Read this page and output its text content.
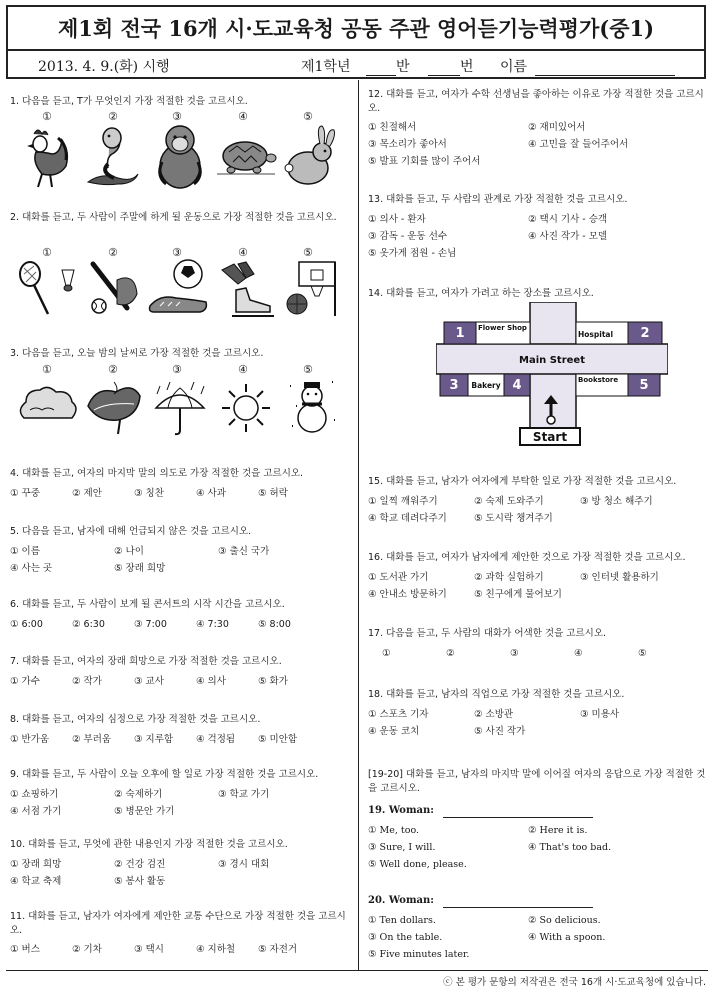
제1회 전국 16개 시·도교육청 공동 주관 영어듣기능력평가(중1)
2013. 4. 9.(화) 시행	제1학년	반	번 이름
ⓒ 본 평가 문항의 저작권은 전국 16개 시·도교육청에 있습니다.
1. 다음을 듣고, T가 무엇인지 가장 적절한 것을 고르시오.
①	②	③	④	⑤
2. 대화를 듣고, 두 사람이 주말에 하게 될 운동으로 가장 적절한 것을 고르시오.
①	②	③	④	⑤
3. 다음을 듣고, 오늘 밤의 날씨로 가장 적절한 것을 고르시오.
①	②	③	④	⑤
4. 대화를 듣고, 여자의 마지막 말의 의도로 가장 적절한 것을 고르시오.
① 꾸중	② 제안	③ 칭찬	④ 사과	⑤ 허락
5. 다음을 듣고, 남자에 대해 언급되지 않은 것을 고르시오.
① 이름	② 나이	③ 출신 국가
④ 사는 곳	⑤ 장래 희망
6. 대화를 듣고, 두 사람이 보게 될 콘서트의 시작 시간을 고르시오.
① 6:00	② 6:30	③ 7:00	④ 7:30	⑤ 8:00
7. 대화를 듣고, 여자의 장래 희망으로 가장 적절한 것을 고르시오.
① 가수	② 작가	③ 교사	④ 의사	⑤ 화가
8. 대화를 듣고, 여자의 심정으로 가장 적절한 것을 고르시오.
① 반가움	② 부러움	③ 지루함	④ 걱정됨	⑤ 미안함
9. 대화를 듣고, 두 사람이 오늘 오후에 할 일로 가장 적절한 것을 고르시오.
① 쇼핑하기	② 숙제하기	③ 학교 가기
④ 서점 가기	⑤ 병문안 가기
10. 대화를 듣고, 무엇에 관한 내용인지 가장 적절한 것을 고르시오.
① 장래 희망	② 건강 검진	③ 경시 대회
④ 학교 축제	⑤ 봉사 활동
11. 대화를 듣고, 남자가 여자에게 제안한 교통 수단으로 가장 적절한 것을 고르시오.
① 버스	② 기차	③ 택시	④ 지하철	⑤ 자전거
12. 대화를 듣고, 여자가 수학 선생님을 좋아하는 이유로 가장 적절한 것을 고르시오.
① 친절해서	② 재미있어서
③ 목소리가 좋아서	④ 고민을 잘 들어주어서
⑤ 발표 기회를 많이 주어서
13. 대화를 듣고, 두 사람의 관계로 가장 적절한 것을 고르시오.
① 의사 - 환자	② 택시 기사 - 승객
③ 감독 - 운동 선수	④ 사진 작가 - 모델
⑤ 옷가게 점원 - 손님
14. 대화를 듣고, 여자가 가려고 하는 장소를 고르시오.
1 Flower Shop
Hospital 2
Main Street
3 Bakery 4	Bookstore 5
Start
15. 대화를 듣고, 남자가 여자에게 부탁한 일로 가장 적절한 것을 고르시오.
① 일찍 깨워주기	② 숙제 도와주기	③ 방 청소 해주기
④ 학교 데려다주기	⑤ 도시락 챙겨주기
16. 대화를 듣고, 여자가 남자에게 제안한 것으로 가장 적절한 것을 고르시오.
① 도서관 가기	② 과학 실험하기	③ 인터넷 활용하기
④ 안내소 방문하기	⑤ 친구에게 물어보기
17. 다음을 듣고, 두 사람의 대화가 어색한 것을 고르시오.
①	②	③	④	⑤
18. 대화를 듣고, 남자의 직업으로 가장 적절한 것을 고르시오.
① 스포츠 기자	② 소방관	③ 미용사
④ 운동 코치	⑤ 사진 작가
[19-20] 대화를 듣고, 남자의 마지막 말에 이어질 여자의 응답으로 가장 적절한 것을 고르시오.
19. Woman:
① Me, too.	② Here it is.
③ Sure, I will.	④ That's too bad.
⑤ Well done, please.
20. Woman:
① Ten dollars.	② So delicious.
③ On the table.	④ With a spoon.
⑤ Five minutes later.
